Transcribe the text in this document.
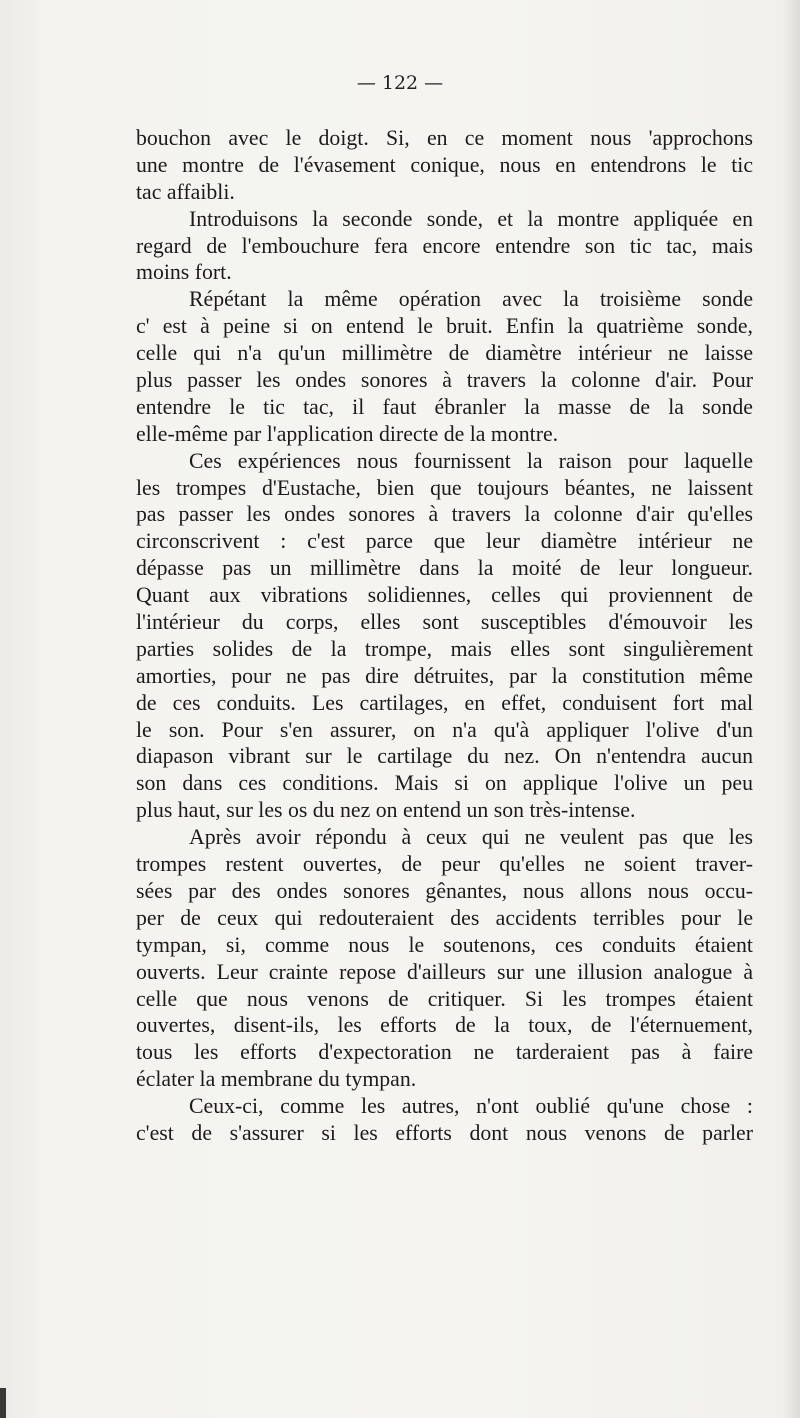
— 122 —
bouchon avec le doigt. Si, en ce moment nous 'approchons
une montre de l'évasement conique, nous en entendrons le tic
tac affaibli.
Introduisons la seconde sonde, et la montre appliquée en
regard de l'embouchure fera encore entendre son tic tac, mais
moins fort.
Répétant la même opération avec la troisième sonde
c' est à peine si on entend le bruit. Enfin la quatrième sonde,
celle qui n'a qu'un millimètre de diamètre intérieur ne laisse
plus passer les ondes sonores à travers la colonne d'air. Pour
entendre le tic tac, il faut ébranler la masse de la sonde
elle-même par l'application directe de la montre.
Ces expériences nous fournissent la raison pour laquelle
les trompes d'Eustache, bien que toujours béantes, ne laissent
pas passer les ondes sonores à travers la colonne d'air qu'elles
circonscrivent : c'est parce que leur diamètre intérieur ne
dépasse pas un millimètre dans la moité de leur longueur.
Quant aux vibrations solidiennes, celles qui proviennent de
l'intérieur du corps, elles sont susceptibles d'émouvoir les
parties solides de la trompe, mais elles sont singulièrement
amorties, pour ne pas dire détruites, par la constitution même
de ces conduits. Les cartilages, en effet, conduisent fort mal
le son. Pour s'en assurer, on n'a qu'à appliquer l'olive d'un
diapason vibrant sur le cartilage du nez. On n'entendra aucun
son dans ces conditions. Mais si on applique l'olive un peu
plus haut, sur les os du nez on entend un son très-intense.
Après avoir répondu à ceux qui ne veulent pas que les
trompes restent ouvertes, de peur qu'elles ne soient traver-
sées par des ondes sonores gênantes, nous allons nous occu-
per de ceux qui redouteraient des accidents terribles pour le
tympan, si, comme nous le soutenons, ces conduits étaient
ouverts. Leur crainte repose d'ailleurs sur une illusion analogue à
celle que nous venons de critiquer. Si les trompes étaient
ouvertes, disent-ils, les efforts de la toux, de l'éternuement,
tous les efforts d'expectoration ne tarderaient pas à faire
éclater la membrane du tympan.
Ceux-ci, comme les autres, n'ont oublié qu'une chose :
c'est de s'assurer si les efforts dont nous venons de parler
